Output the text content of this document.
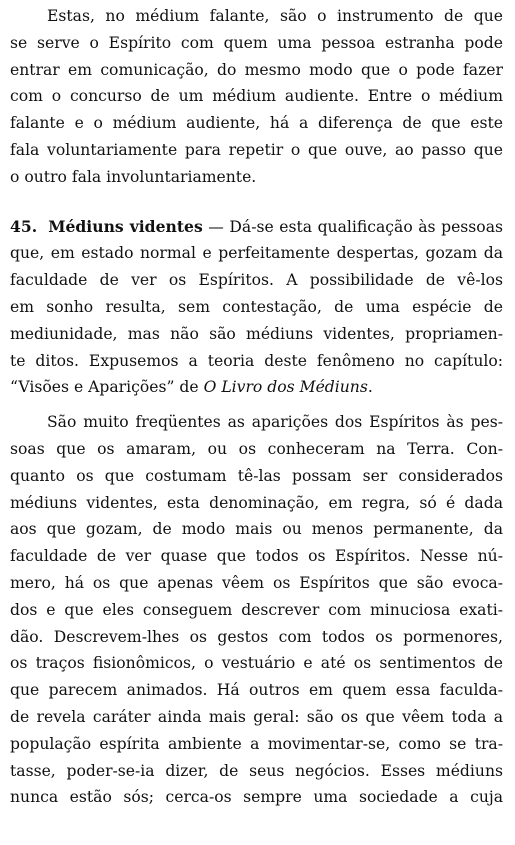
Estas, no médium falante, são o instrumento de que
se serve o Espírito com quem uma pessoa estranha pode
entrar em comunicação, do mesmo modo que o pode fazer
com o concurso de um médium audiente. Entre o médium
falante e o médium audiente, há a diferença de que este
fala voluntariamente para repetir o que ouve, ao passo que
o outro fala involuntariamente.
45. Médiuns videntes — Dá-se esta qualificação às pessoas
que, em estado normal e perfeitamente despertas, gozam da
faculdade de ver os Espíritos. A possibilidade de vê-los
em sonho resulta, sem contestação, de uma espécie de
mediunidade, mas não são médiuns videntes, propriamen-
te ditos. Expusemos a teoria deste fenômeno no capítulo:
“Visões e Aparições” de O Livro dos Médiuns.
São muito freqüentes as aparições dos Espíritos às pes-
soas que os amaram, ou os conheceram na Terra. Con-
quanto os que costumam tê-las possam ser considerados
médiuns videntes, esta denominação, em regra, só é dada
aos que gozam, de modo mais ou menos permanente, da
faculdade de ver quase que todos os Espíritos. Nesse nú-
mero, há os que apenas vêem os Espíritos que são evoca-
dos e que eles conseguem descrever com minuciosa exati-
dão. Descrevem-lhes os gestos com todos os pormenores,
os traços fisionômicos, o vestuário e até os sentimentos de
que parecem animados. Há outros em quem essa faculda-
de revela caráter ainda mais geral: são os que vêem toda a
população espírita ambiente a movimentar-se, como se tra-
tasse, poder-se-ia dizer, de seus negócios. Esses médiuns
nunca estão sós; cerca-os sempre uma sociedade a cuja
